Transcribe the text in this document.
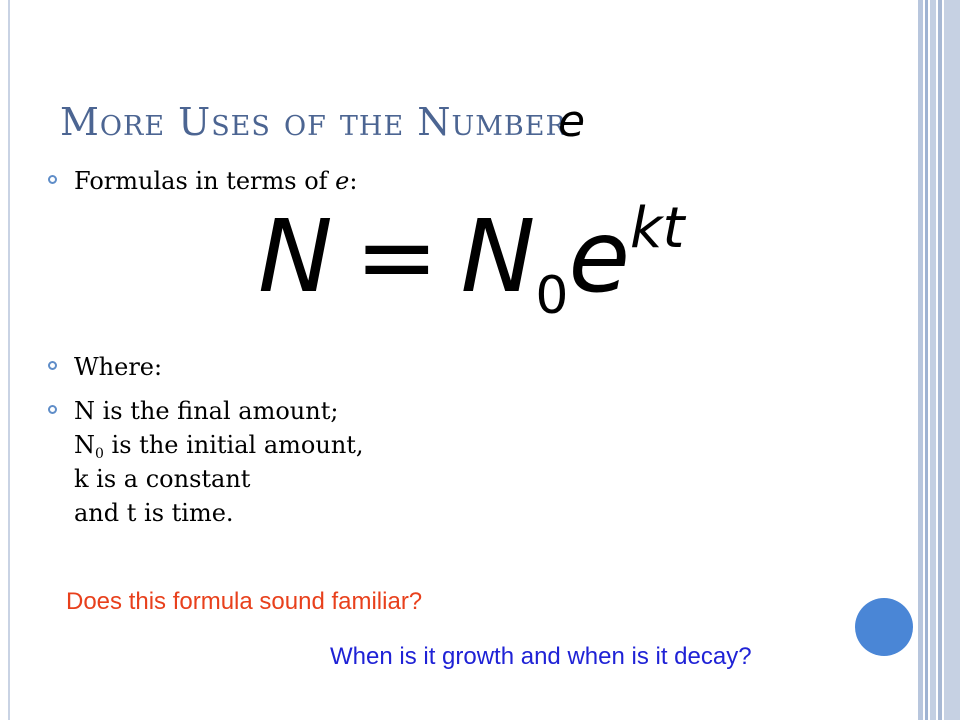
More Uses of the Number
e
Formulas in terms of e:
$N = N_0e^{kt}$
Where:
N is the final amount;
$N_0$ is the initial amount,
k is a constant
and t is time.
Does this formula sound familiar?
When is it growth and when is it decay?
